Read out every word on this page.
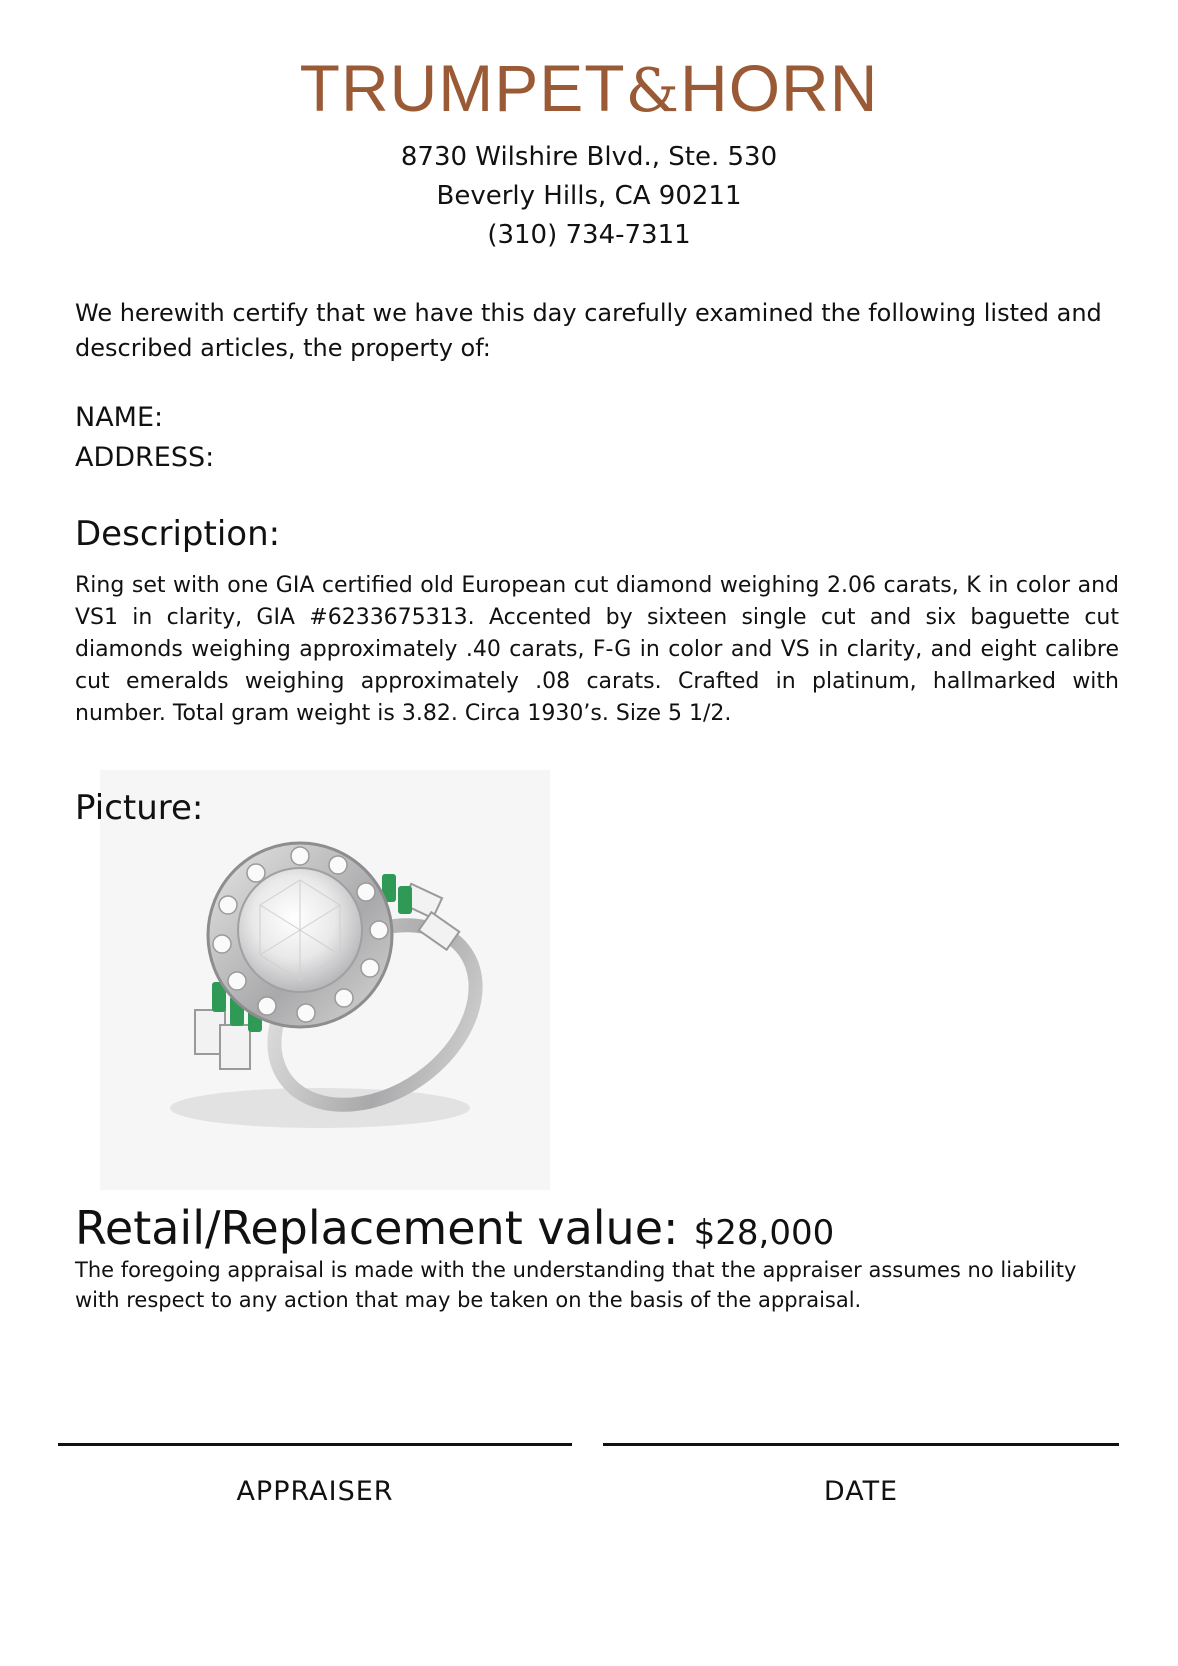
TRUMPET&HORN
8730 Wilshire Blvd., Ste. 530
Beverly Hills, CA 90211
(310) 734-7311
We herewith certify that we have this day carefully examined the following listed and described articles, the property of:
NAME:
ADDRESS:
Description:
Ring set with one GIA certified old European cut diamond weighing 2.06 carats, K in color and VS1 in clarity, GIA #6233675313. Accented by sixteen single cut and six baguette cut diamonds weighing approximately .40 carats, F-G in color and VS in clarity, and eight calibre cut emeralds weighing approximately .08 carats. Crafted in platinum, hallmarked with number. Total gram weight is 3.82. Circa 1930’s. Size 5 1/2.
Picture:
Retail/Replacement value: $28,000
The foregoing appraisal is made with the understanding that the appraiser assumes no liability with respect to any action that may be taken on the basis of the appraisal.
APPRAISER	DATE
